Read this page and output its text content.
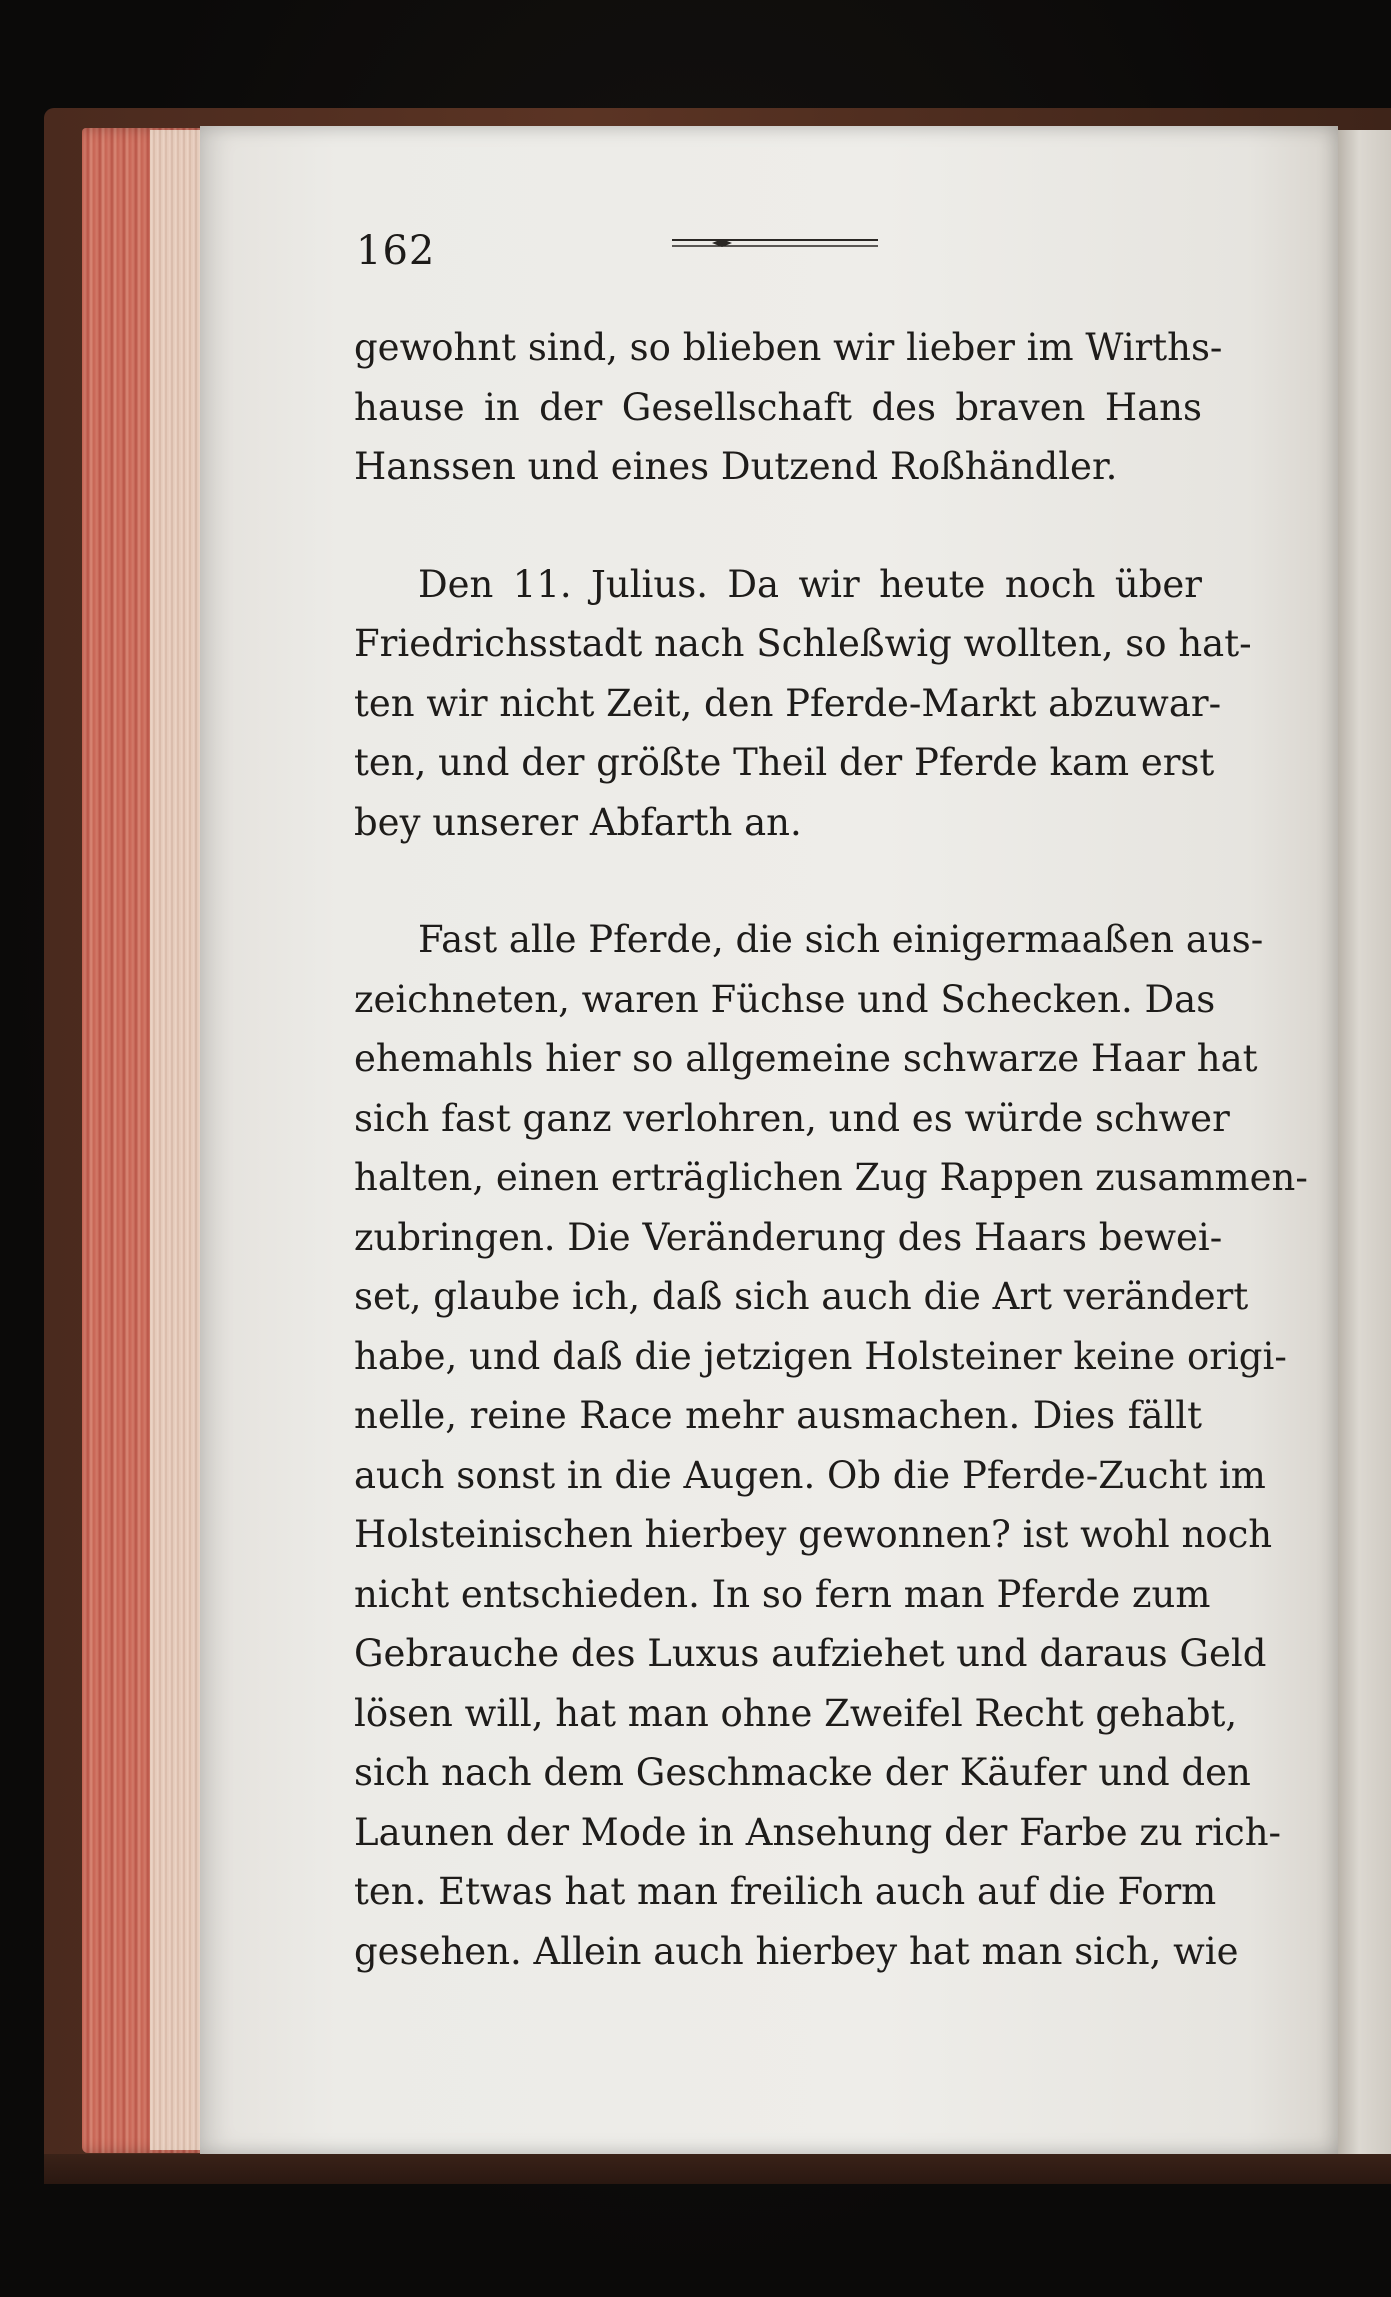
162

gewohnt sind, so blieben wir lieber im Wirths-
hause in der Gesellschaft des braven Hans
Hanssen und eines Dutzend Roßhändler.

Den 11. Julius. Da wir heute noch über
Friedrichsstadt nach Schleßwig wollten, so hat-
ten wir nicht Zeit, den Pferde-Markt abzuwar-
ten, und der größte Theil der Pferde kam erst
bey unserer Abfarth an.

Fast alle Pferde, die sich einigermaaßen aus-
zeichneten, waren Füchse und Schecken. Das
ehemahls hier so allgemeine schwarze Haar hat
sich fast ganz verlohren, und es würde schwer
halten, einen erträglichen Zug Rappen zusammen-
zubringen. Die Veränderung des Haars bewei-
set, glaube ich, daß sich auch die Art verändert
habe, und daß die jetzigen Holsteiner keine origi-
nelle, reine Race mehr ausmachen. Dies fällt
auch sonst in die Augen. Ob die Pferde-Zucht im
Holsteinischen hierbey gewonnen? ist wohl noch
nicht entschieden. In so fern man Pferde zum
Gebrauche des Luxus aufziehet und daraus Geld
lösen will, hat man ohne Zweifel Recht gehabt,
sich nach dem Geschmacke der Käufer und den
Launen der Mode in Ansehung der Farbe zu rich-
ten. Etwas hat man freilich auch auf die Form
gesehen. Allein auch hierbey hat man sich, wie
